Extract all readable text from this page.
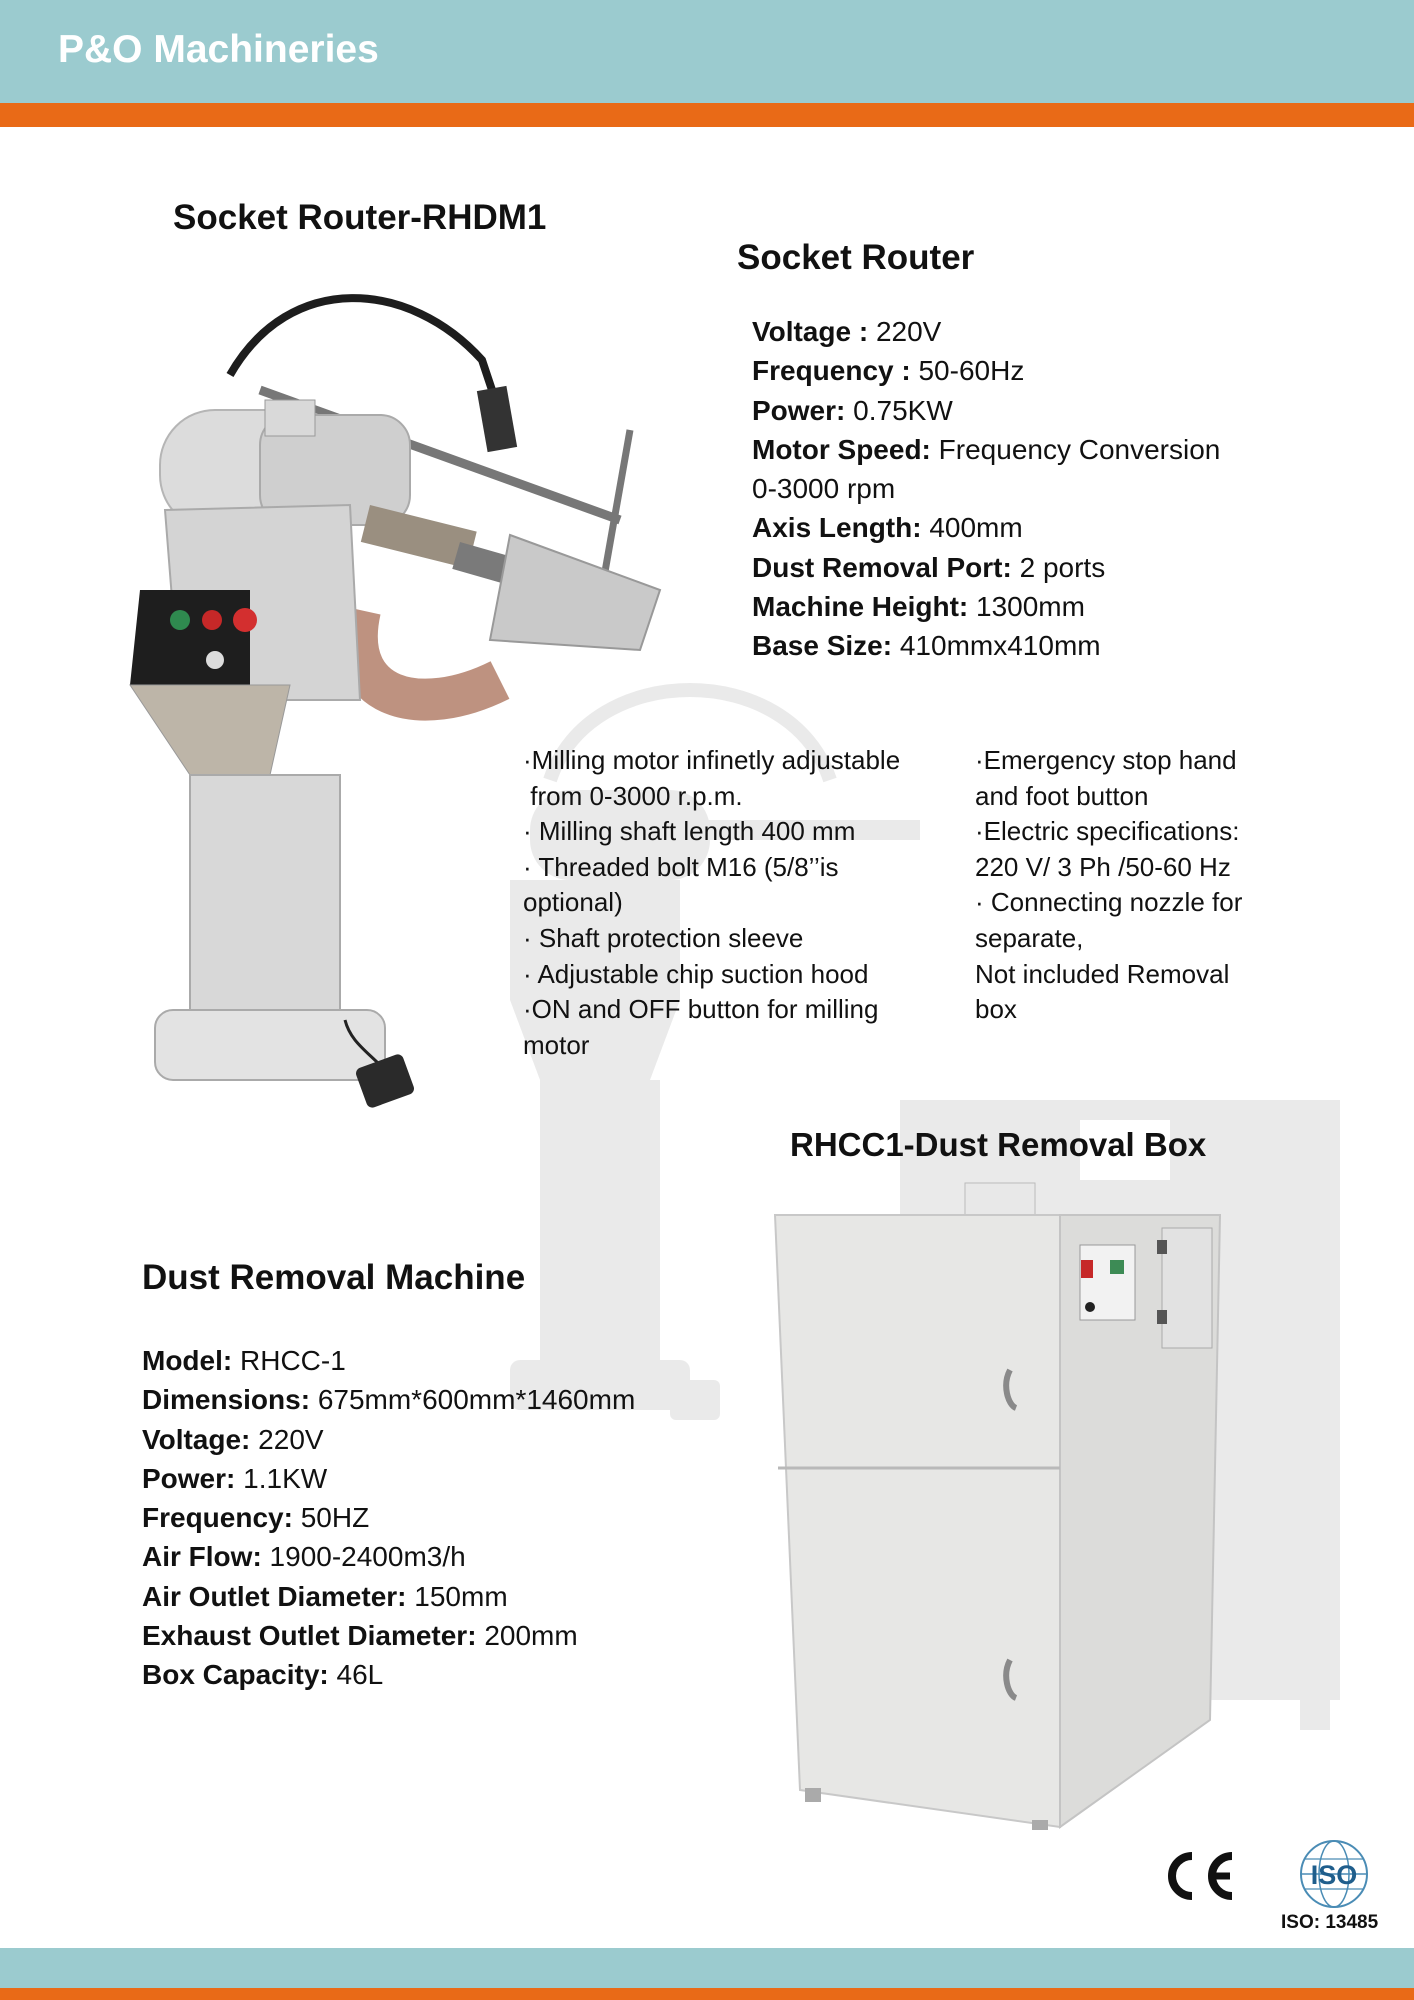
P&O Machineries
Socket Router-RHDM1
Socket Router
Voltage : 220V
Frequency : 50-60Hz
Power: 0.75KW
Motor Speed: Frequency Conversion
0-3000 rpm
Axis Length: 400mm
Dust Removal Port: 2 ports
Machine Height: 1300mm
Base Size: 410mmx410mm
·Milling motor infinetly adjustable
from 0-3000 r.p.m.
· Milling shaft length 400 mm
· Threaded bolt M16 (5/8’’is
optional)
· Shaft protection sleeve
· Adjustable chip suction hood
·ON and OFF button for milling
motor
·Emergency stop hand
and foot button
·Electric specifications:
220 V/ 3 Ph /50-60 Hz
· Connecting nozzle for
separate,
Not included Removal
box
RHCC1-Dust Removal Box
Dust Removal Machine
Model: RHCC-1
Dimensions: 675mm*600mm*1460mm
Voltage: 220V
Power: 1.1KW
Frequency: 50HZ
Air Flow: 1900-2400m3/h
Air Outlet Diameter: 150mm
Exhaust Outlet Diameter: 200mm
Box Capacity: 46L
ISO
ISO: 13485
